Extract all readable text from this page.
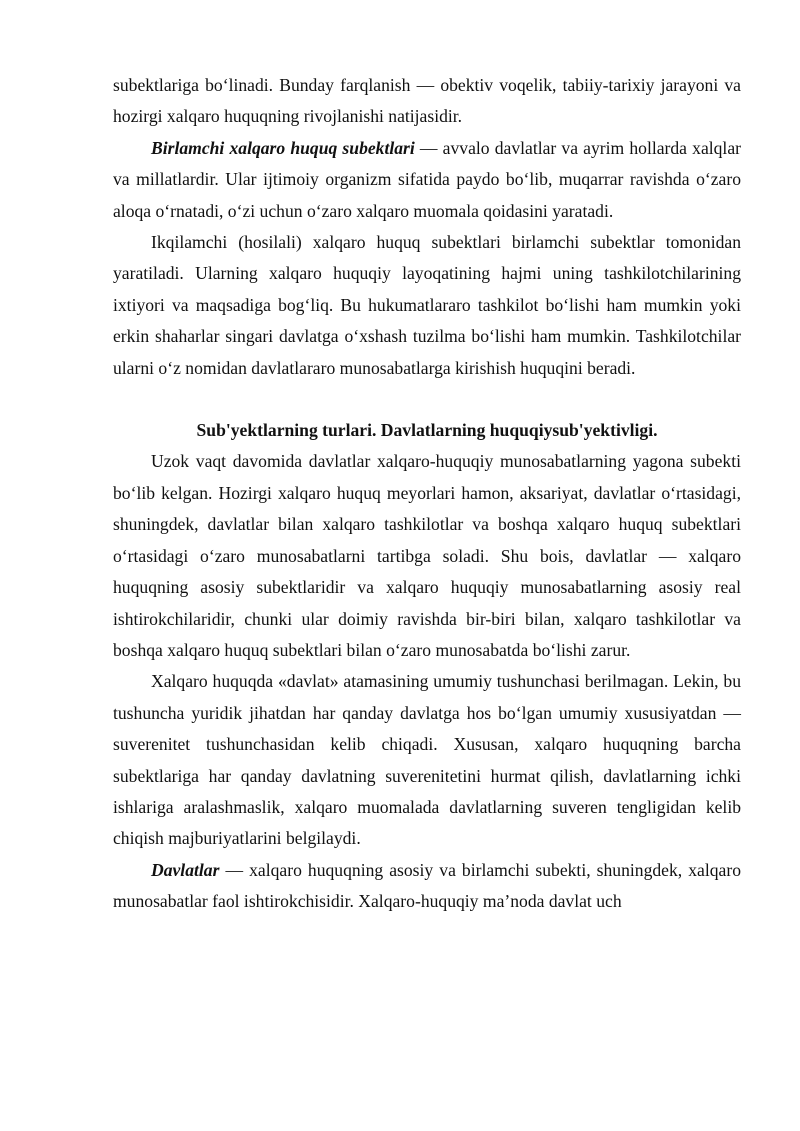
subektlariga bo‘linadi. Bunday farqlanish — obektiv voqelik, tabiiy-tarixiy jarayoni va hozirgi xalqaro huquqning rivojlanishi natijasidir.

Birlamchi xalqaro huquq subektlari — avvalo davlatlar va ayrim hollarda xalqlar va millatlardir. Ular ijtimoiy organizm sifatida paydo bo‘lib, muqarrar ravishda o‘zaro aloqa o‘rnatadi, o‘zi uchun o‘zaro xalqaro muomala qoidasini yaratadi.

Ikqilamchi (hosilali) xalqaro huquq subektlari birlamchi subektlar tomonidan yaratiladi. Ularning xalqaro huquqiy layoqatining hajmi uning tashkilotchilarining ixtiyori va maqsadiga bog‘liq. Bu hukumatlararo tashkilot bo‘lishi ham mumkin yoki erkin shaharlar singari davlatga o‘xshash tuzilma bo‘lishi ham mumkin. Tashkilotchilar ularni o‘z nomidan davlatlararo munosabatlarga kirishish huquqini beradi.

Sub'yektlarning turlari. Davlatlarning huquqiysub'yektivligi.

Uzok vaqt davomida davlatlar xalqaro-huquqiy munosabatlarning yagona subekti bo‘lib kelgan. Hozirgi xalqaro huquq meyorlari hamon, aksariyat, davlatlar o‘rtasidagi, shuningdek, davlatlar bilan xalqaro tashkilotlar va boshqa xalqaro huquq subektlari o‘rtasidagi o‘zaro munosabatlarni tartibga soladi. Shu bois, davlatlar — xalqaro huquqning asosiy subektlaridir va xalqaro huquqiy munosabatlarning asosiy real ishtirokchilaridir, chunki ular doimiy ravishda bir-biri bilan, xalqaro tashkilotlar va boshqa xalqaro huquq subektlari bilan o‘zaro munosabatda bo‘lishi zarur.

Xalqaro huquqda «davlat» atamasining umumiy tushunchasi berilmagan. Lekin, bu tushuncha yuridik jihatdan har qanday davlatga hos bo‘lgan umumiy xususiyatdan — suverenitet tushunchasidan kelib chiqadi. Xususan, xalqaro huquqning barcha subektlariga har qanday davlatning suverenitetini hurmat qilish, davlatlarning ichki ishlariga aralashmaslik, xalqaro muomalada davlatlarning suveren tengligidan kelib chiqish majburiyatlarini belgilaydi.

Davlatlar — xalqaro huquqning asosiy va birlamchi subekti, shuningdek, xalqaro munosabatlar faol ishtirokchisidir. Xalqaro-huquqiy ma’noda davlat uch
